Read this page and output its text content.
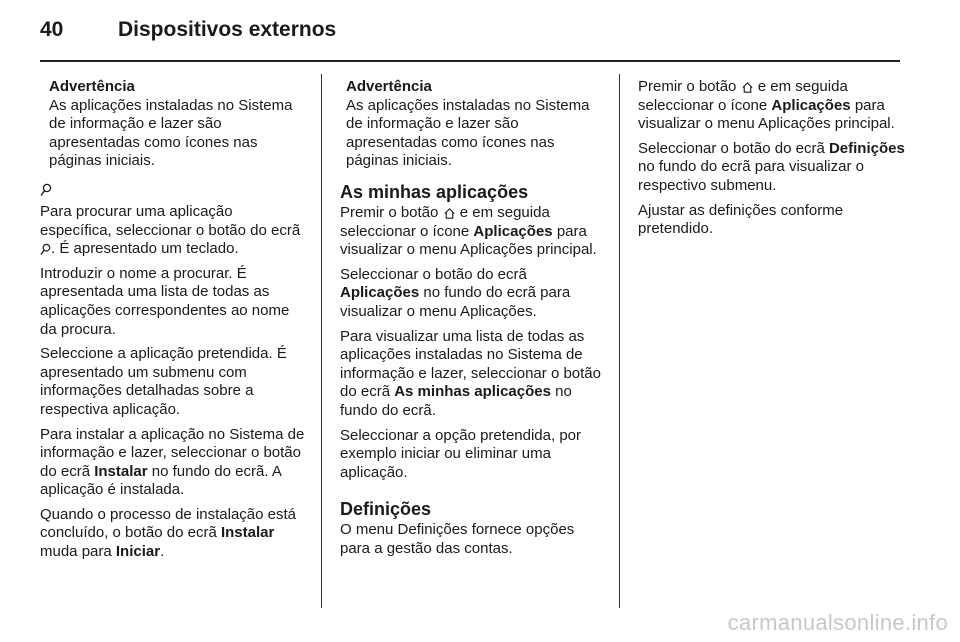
40	Dispositivos externos
Advertência
As aplicações instaladas no Sistema de informação e lazer são apresentadas como ícones nas páginas iniciais.

Para procurar uma aplicação específica, seleccionar o botão do ecrã . É apresentado um teclado.

Introduzir o nome a procurar. É apresentada uma lista de todas as aplicações correspondentes ao nome da procura.

Seleccione a aplicação pretendida. É apresentado um submenu com informações detalhadas sobre a respectiva aplicação.

Para instalar a aplicação no Sistema de informação e lazer, seleccionar o botão do ecrã Instalar no fundo do ecrã. A aplicação é instalada.

Quando o processo de instalação está concluído, o botão do ecrã Instalar muda para Iniciar.

Advertência
As aplicações instaladas no Sistema de informação e lazer são apresentadas como ícones nas páginas iniciais.
As minhas aplicações

Premir o botão e em seguida seleccionar o ícone Aplicações para visualizar o menu Aplicações principal.

Seleccionar o botão do ecrã Aplicações no fundo do ecrã para visualizar o menu Aplicações.

Para visualizar uma lista de todas as aplicações instaladas no Sistema de informação e lazer, seleccionar o botão do ecrã As minhas aplicações no fundo do ecrã.

Seleccionar a opção pretendida, por exemplo iniciar ou eliminar uma aplicação.

Definições

O menu Definições fornece opções para a gestão das contas.

Premir o botão e em seguida seleccionar o ícone Aplicações para visualizar o menu Aplicações principal.

Seleccionar o botão do ecrã Definições no fundo do ecrã para visualizar o respectivo submenu.

Ajustar as definições conforme pretendido.

carmanualsonline.info
